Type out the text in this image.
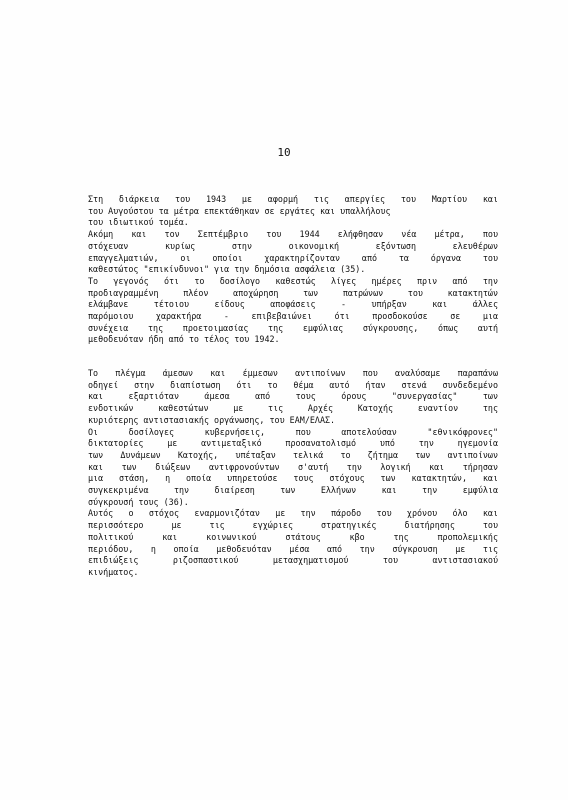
10
Στη διάρκεια του 1943 με αφορμή τις απεργίες του Μαρτίου και
του Αυγούστου τα μέτρα επεκτάθηκαν σε εργάτες και υπαλλήλους
του ιδιωτικού τομέα.
Ακόμη και τον Σεπτέμβριο του 1944 ελήφθησαν νέα μέτρα, που
στόχευαν κυρίως στην οικονομική εξόντωση ελευθέρων
επαγγελματιών, οι οποίοι χαρακτηρίζονταν από τα όργανα του
καθεστώτος "επικίνδυνοι" για την δημόσια ασφάλεια (35).
Το γεγονός ότι το δοσίλογο καθεστώς λίγες ημέρες πριν από την
προδιαγραμμένη πλέον αποχώρηση των πατρώνων του κατακτητών
ελάμβανε τέτοιου είδους αποφάσεις - υπήρξαν και άλλες
παρόμοιου χαρακτήρα - επιβεβαιώνει ότι προσδοκούσε σε μια
συνέχεια της προετοιμασίας της εμφύλιας σύγκρουσης, όπως αυτή
μεθοδευόταν ήδη από το τέλος του 1942.
Το πλέγμα άμεσων και έμμεσων αντιποίνων που αναλύσαμε παραπάνω
οδηγεί στην διαπίστωση ότι το θέμα αυτό ήταν στενά συνδεδεμένο
και εξαρτιόταν άμεσα από τους όρους "συνεργασίας" των
ενδοτικών καθεστώτων με τις Αρχές Κατοχής εναντίον της
κυριότερης αντιστασιακής οργάνωσης, του ΕΑΜ/ΕΛΑΣ.
Οι δοσίλογες κυβερνήσεις, που αποτελούσαν "εθνικόφρονες"
δικτατορίες με αντιμεταξικό προσανατολισμό υπό την ηγεμονία
των Δυνάμεων Κατοχής, υπέταξαν τελικά το ζήτημα των αντιποίνων
και των διώξεων αντιφρονούντων σ'αυτή την λογική και τήρησαν
μια στάση, η οποία υπηρετούσε τους στόχους των κατακτητών, και
συγκεκριμένα την διαίρεση των Ελλήνων και την εμφύλια
σύγκρουσή τους (36).
Αυτός ο στόχος εναρμονιζόταν με την πάροδο του χρόνου όλο και
περισσότερο με τις εγχώριες στρατηγικές διατήρησης του
πολιτικού και κοινωνικού στάτους κβο της προπολεμικής
περιόδου, η οποία μεθοδευόταν μέσα από την σύγκρουση με τις
επιδιώξεις ριζοσπαστικού μετασχηματισμού του αντιστασιακού
κινήματος.
